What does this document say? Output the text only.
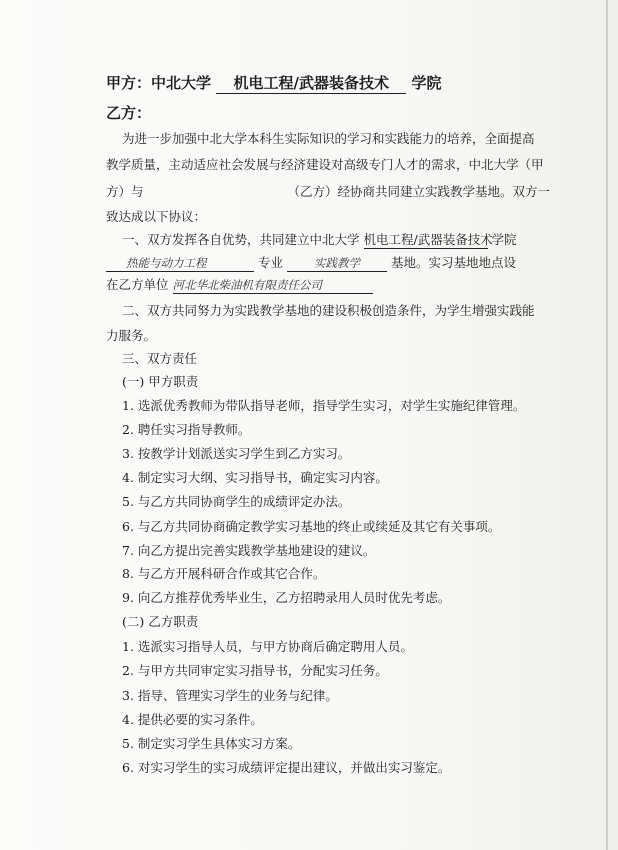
甲方：中北大学 机电工程/武器装备技术 学院
乙方：
为进一步加强中北大学本科生实际知识的学习和实践能力的培养，全面提高
教学质量，主动适应社会发展与经济建设对高级专门人才的需求，中北大学（甲
方）与	（乙方）经协商共同建立实践教学基地。双方一
致达成以下协议：
一、双方发挥各自优势，共同建立中北大学 机电工程/武器装备技术 学院
热能与动力工程	专业	实践教学 基地。实习基地地点设
在乙方单位 河北华北柴油机有限责任公司
二、双方共同努力为实践教学基地的建设积极创造条件，为学生增强实践能
力服务。
三、双方责任
(一) 甲方职责
1. 选派优秀教师为带队指导老师，指导学生实习，对学生实施纪律管理。
2. 聘任实习指导教师。
3. 按教学计划派送实习学生到乙方实习。
4. 制定实习大纲、实习指导书，确定实习内容。
5. 与乙方共同协商学生的成绩评定办法。
6. 与乙方共同协商确定教学实习基地的终止或续延及其它有关事项。
7. 向乙方提出完善实践教学基地建设的建议。
8. 与乙方开展科研合作或其它合作。
9. 向乙方推荐优秀毕业生，乙方招聘录用人员时优先考虑。
(二) 乙方职责
1. 选派实习指导人员，与甲方协商后确定聘用人员。
2. 与甲方共同审定实习指导书，分配实习任务。
3. 指导、管理实习学生的业务与纪律。
4. 提供必要的实习条件。
5. 制定实习学生具体实习方案。
6. 对实习学生的实习成绩评定提出建议，并做出实习鉴定。
